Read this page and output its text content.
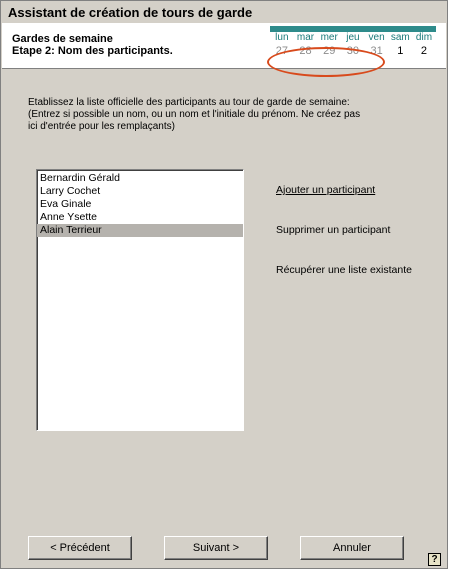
Assistant de création de tours de garde
Gardes de semaine
Etape 2: Nom des participants.
lun mar mer jeu ven sam dim
27	28	29	30	31	1	2
Etablissez la liste officielle des participants au tour de garde de semaine:
(Entrez si possible un nom, ou un nom et l'initiale du prénom. Ne créez pas
ici d'entrée pour les remplaçants)
Bernardin Gérald
Larry Cochet
Eva Ginale
Anne Ysette
Alain Terrieur
Ajouter un participant
Supprimer un participant
Récupérer une liste existante
< Précédent	Suivant >	Annuler
?
